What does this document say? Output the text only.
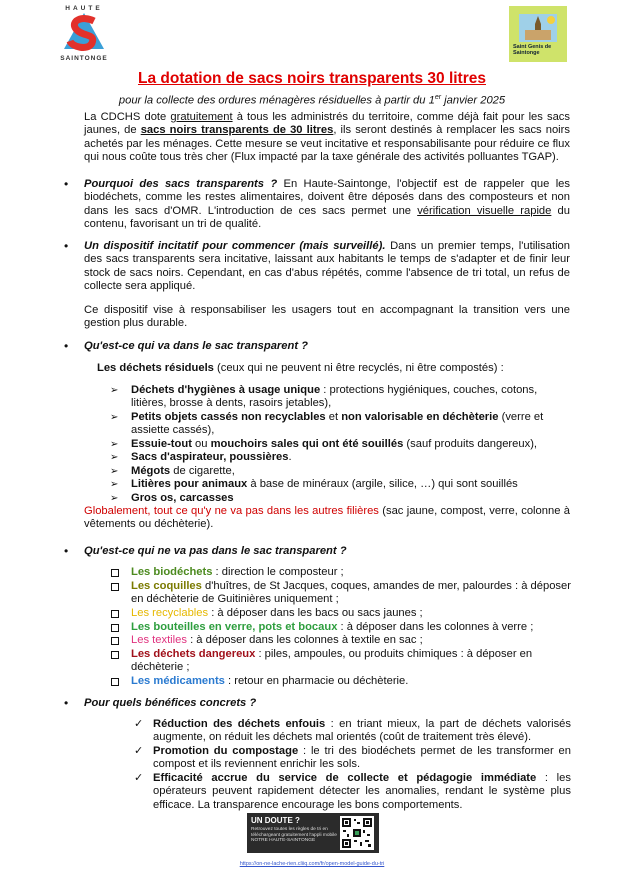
HAUTE
SAINTONGE
Saint Genis de Saintonge
La dotation de sacs noirs transparents 30 litres
pour la collecte des ordures ménagères résiduelles à partir du 1er janvier 2025
La CDCHS dote gratuitement à tous les administrés du territoire, comme déjà fait pour les sacs jaunes, de sacs noirs transparents de 30 litres, ils seront destinés à remplacer les sacs noirs achetés par les ménages. Cette mesure se veut incitative et responsabilisante pour réduire ce flux qui nous coûte tous très cher (Flux impacté par la taxe générale des activités polluantes TGAP).
• Pourquoi des sacs transparents ? En Haute-Saintonge, l'objectif est de rappeler que les biodéchets, comme les restes alimentaires, doivent être déposés dans des composteurs et non dans les sacs d'OMR. L'introduction de ces sacs permet une vérification visuelle rapide du contenu, favorisant un tri de qualité.
• Un dispositif incitatif pour commencer (mais surveillé). Dans un premier temps, l'utilisation des sacs transparents sera incitative, laissant aux habitants le temps de s'adapter et de finir leur stock de sacs noirs. Cependant, en cas d'abus répétés, comme l'absence de tri total, un refus de collecte sera appliqué.
Ce dispositif vise à responsabiliser les usagers tout en accompagnant la transition vers une gestion plus durable.
• Qu'est-ce qui va dans le sac transparent ?
Les déchets résiduels (ceux qui ne peuvent ni être recyclés, ni être compostés) :
➢ Déchets d'hygiènes à usage unique : protections hygiéniques, couches, cotons, litières, brosse à dents, rasoirs jetables),
➢ Petits objets cassés non recyclables et non valorisable en déchèterie (verre et assiette cassés),
➢ Essuie-tout ou mouchoirs sales qui ont été souillés (sauf produits dangereux),
➢ Sacs d'aspirateur, poussières.
➢ Mégots de cigarette,
➢ Litières pour animaux à base de minéraux (argile, silice, …) qui sont souillés
➢ Gros os, carcasses
Globalement, tout ce qu'y ne va pas dans les autres filières (sac jaune, compost, verre, colonne à vêtements ou déchèterie).
• Qu'est-ce qui ne va pas dans le sac transparent ?
Les biodéchets : direction le composteur ;
Les coquilles d'huîtres, de St Jacques, coques, amandes de mer, palourdes : à déposer en déchèterie de Guitinières uniquement ;
Les recyclables : à déposer dans les bacs ou sacs jaunes ;
Les bouteilles en verre, pots et bocaux : à déposer dans les colonnes à verre ;
Les textiles : à déposer dans les colonnes à textile en sac ;
Les déchets dangereux : piles, ampoules, ou produits chimiques : à déposer en déchèterie ;
Les médicaments : retour en pharmacie ou déchèterie.
• Pour quels bénéfices concrets ?
✓ Réduction des déchets enfouis : en triant mieux, la part de déchets valorisés augmente, on réduit les déchets mal orientés (coût de traitement très élevé).
✓ Promotion du compostage : le tri des biodéchets permet de les transformer en compost et ils reviennent enrichir les sols.
✓ Efficacité accrue du service de collecte et pédagogie immédiate : les opérateurs peuvent rapidement détecter les anomalies, rendant le système plus efficace. La transparence encourage les bons comportements.
UN DOUTE ?
Retrouvez toutes les règles de tri en téléchargeant gratuitement l'appli mobile NOTRE HAUTE-SAINTONGE
https://on-ne-lache-rien.cliiq.com/fr/open-model-guide-du-tri
